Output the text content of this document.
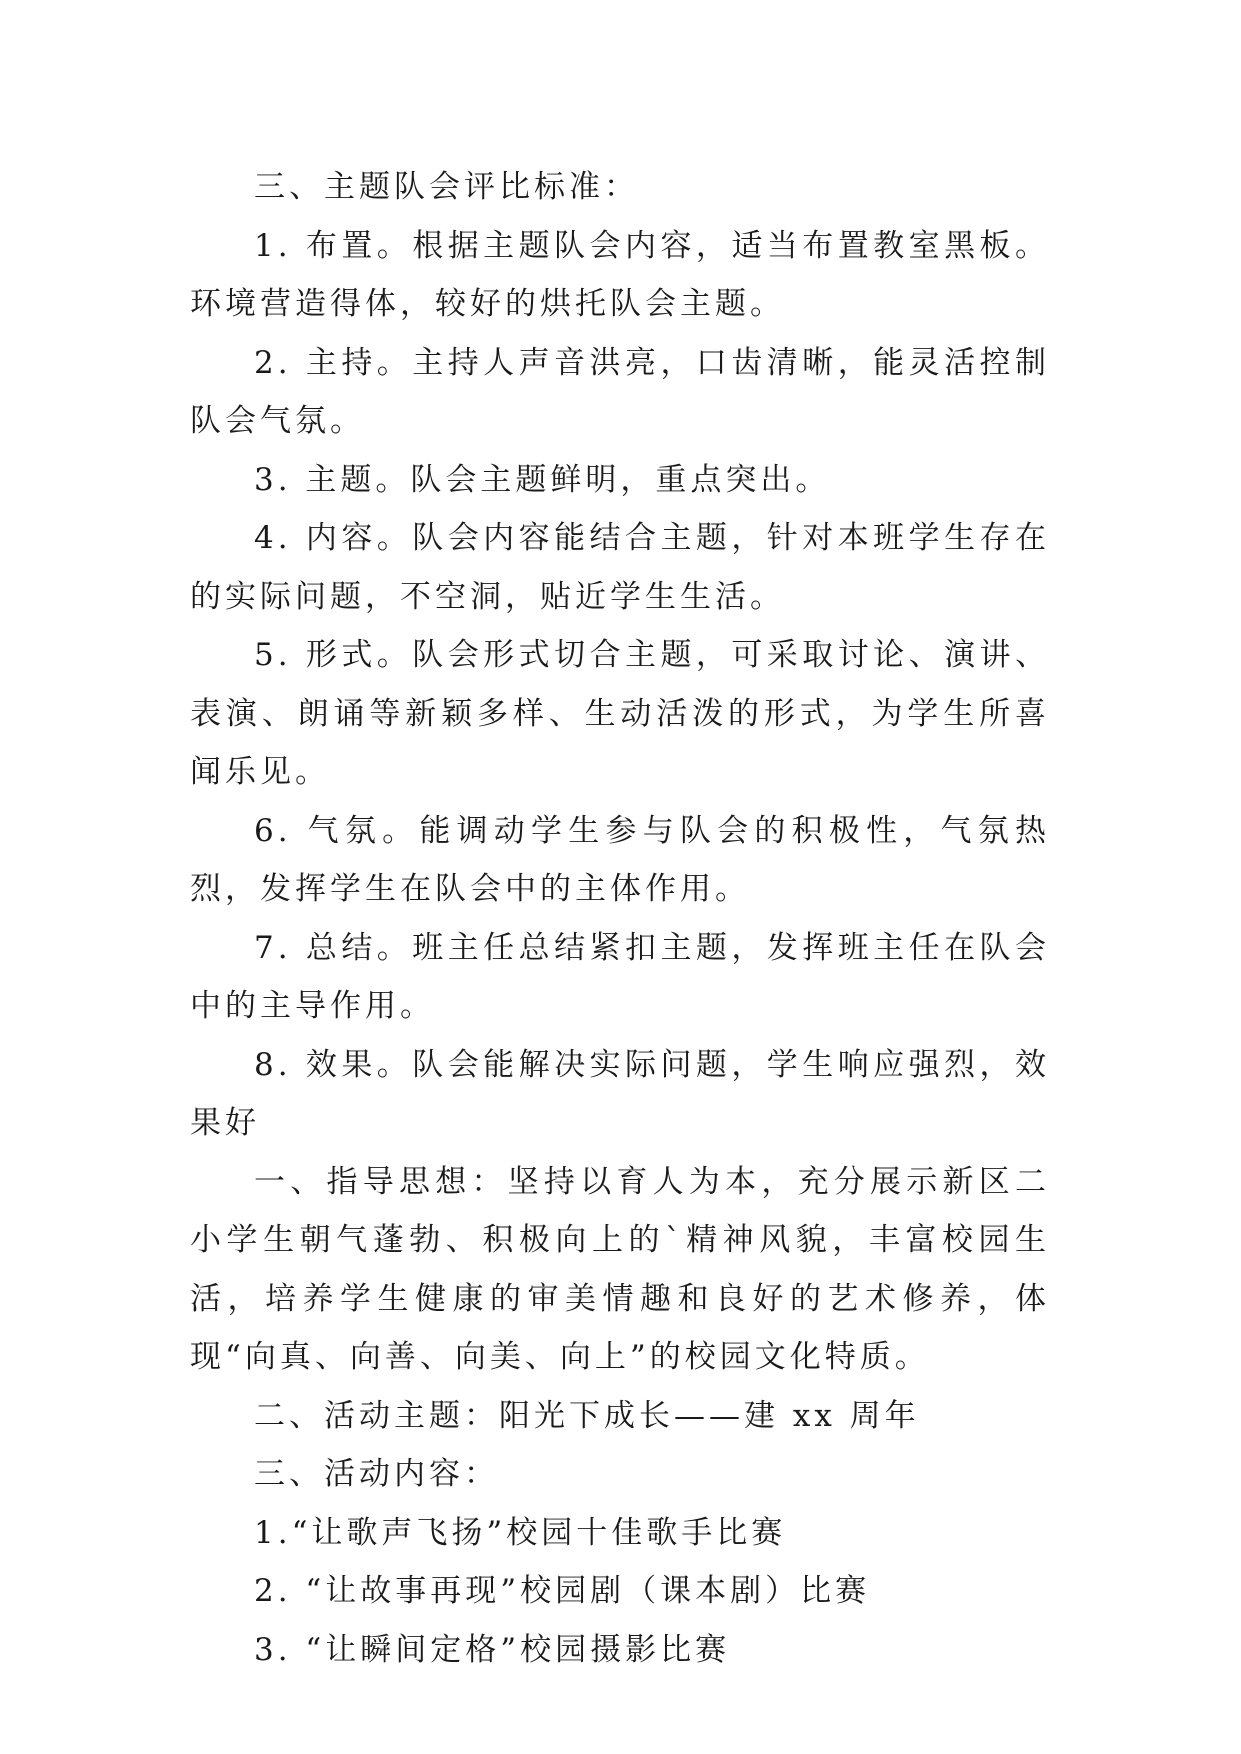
三、主题队会评比标准：

1. 布置。根据主题队会内容，适当布置教室黑板。环境营造得体，较好的烘托队会主题。

2. 主持。主持人声音洪亮，口齿清晰，能灵活控制队会气氛。

3. 主题。队会主题鲜明，重点突出。

4. 内容。队会内容能结合主题，针对本班学生存在的实际问题，不空洞，贴近学生生活。

5. 形式。队会形式切合主题，可采取讨论、演讲、表演、朗诵等新颖多样、生动活泼的形式，为学生所喜闻乐见。

6. 气氛。能调动学生参与队会的积极性，气氛热烈，发挥学生在队会中的主体作用。

7. 总结。班主任总结紧扣主题，发挥班主任在队会中的主导作用。

8. 效果。队会能解决实际问题，学生响应强烈，效果好

一、指导思想：坚持以育人为本，充分展示新区二小学生朝气蓬勃、积极向上的`精神风貌，丰富校园生活，培养学生健康的审美情趣和良好的艺术修养，体现“向真、向善、向美、向上”的校园文化特质。

二、活动主题：阳光下成长——建 xx 周年

三、活动内容：

1.“让歌声飞扬”校园十佳歌手比赛

2. “让故事再现”校园剧（课本剧）比赛

3. “让瞬间定格”校园摄影比赛
